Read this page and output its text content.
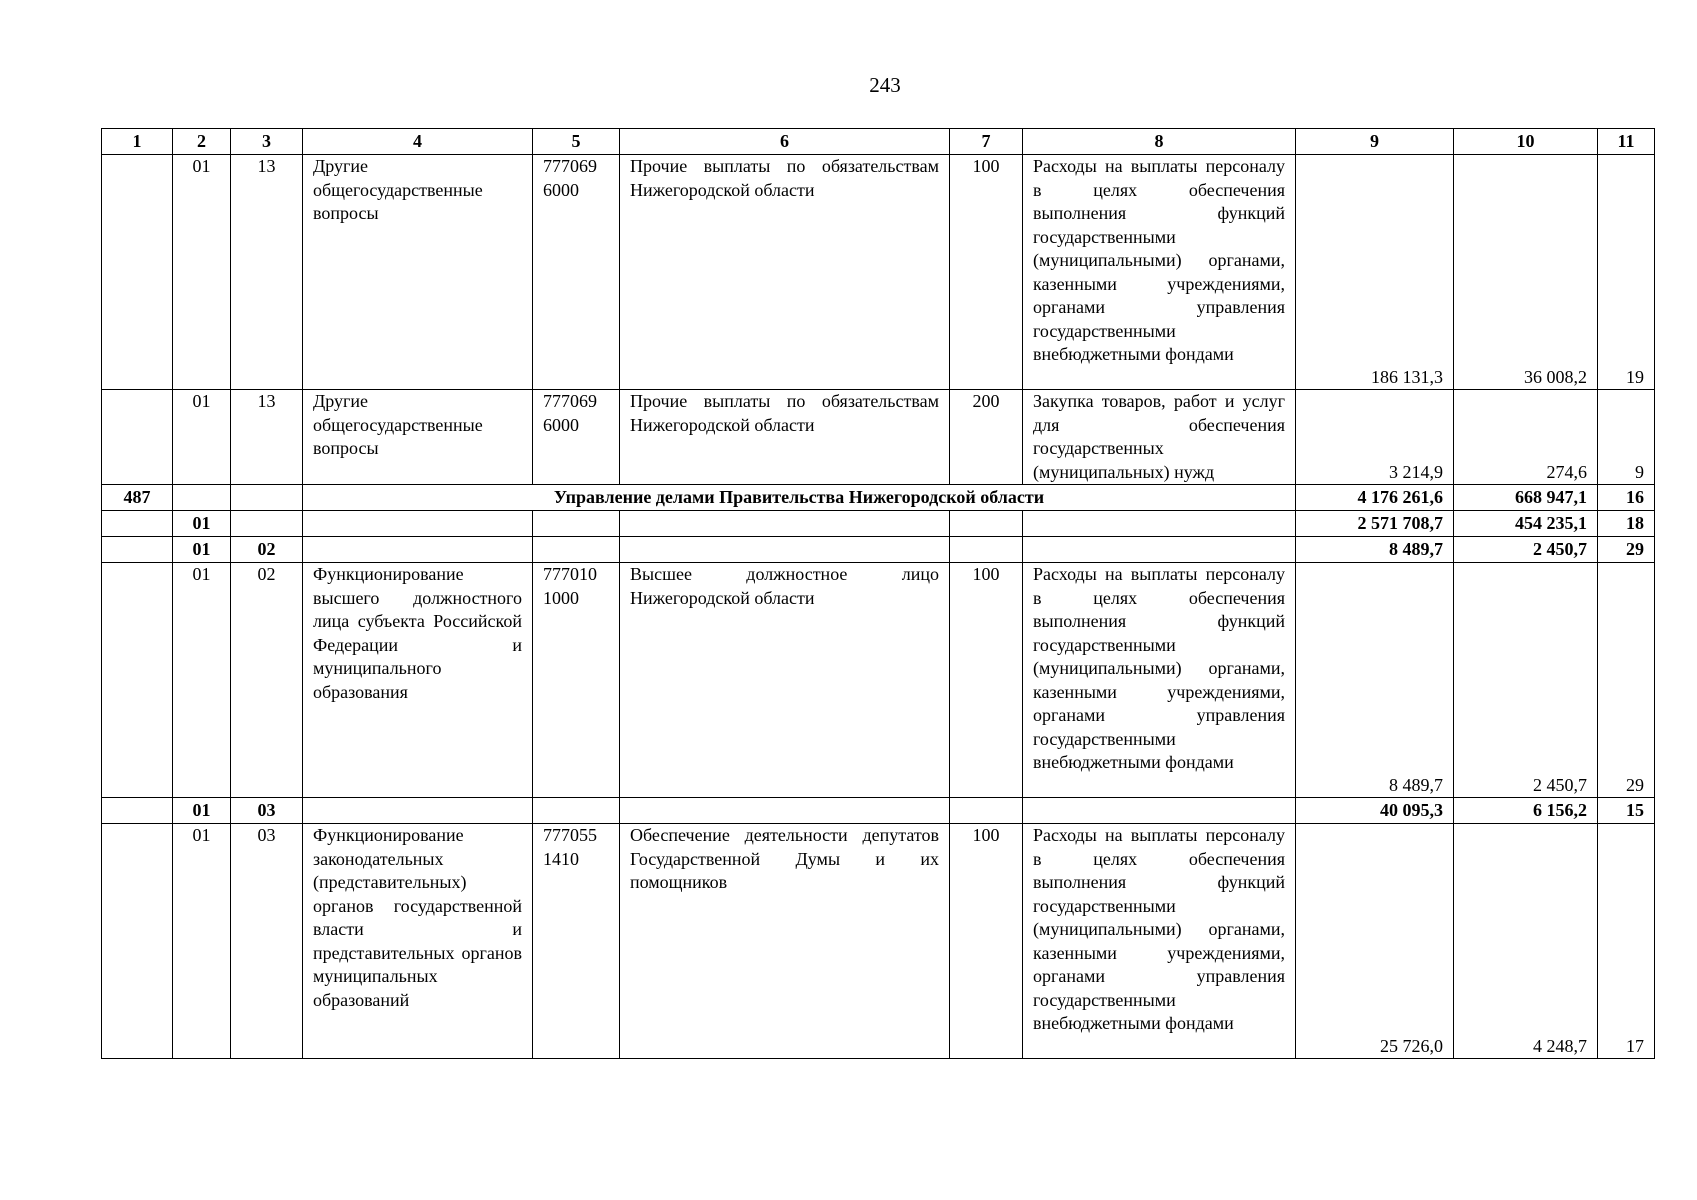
243
1	2	3	4	5	6	7	8	9	10	11
	01	13	Другие общегосударственные вопросы	777069 6000	Прочие выплаты по обязательствам Нижегородской области	100	Расходы на выплаты персоналу в целях обеспечения выполнения функций государственными (муниципальными) органами, казенными учреждениями, органами управления государственными внебюджетными фондами	186 131,3	36 008,2	19
	01	13	Другие общегосударственные вопросы	777069 6000	Прочие выплаты по обязательствам Нижегородской области	200	Закупка товаров, работ и услуг для обеспечения государственных (муниципальных) нужд	3 214,9	274,6	9
487			Управление делами Правительства Нижегородской области					4 176 261,6	668 947,1	16
	01							2 571 708,7	454 235,1	18
	01	02						8 489,7	2 450,7	29
	01	02	Функционирование высшего должностного лица субъекта Российской Федерации и муниципального образования	777010 1000	Высшее должностное лицо Нижегородской области	100	Расходы на выплаты персоналу в целях обеспечения выполнения функций государственными (муниципальными) органами, казенными учреждениями, органами управления государственными внебюджетными фондами	8 489,7	2 450,7	29
	01	03						40 095,3	6 156,2	15
	01	03	Функционирование законодательных (представительных) органов государственной власти и представительных органов муниципальных образований	777055 1410	Обеспечение деятельности депутатов Государственной Думы и их помощников	100	Расходы на выплаты персоналу в целях обеспечения выполнения функций государственными (муниципальными) органами, казенными учреждениями, органами управления государственными внебюджетными фондами	25 726,0	4 248,7	17
